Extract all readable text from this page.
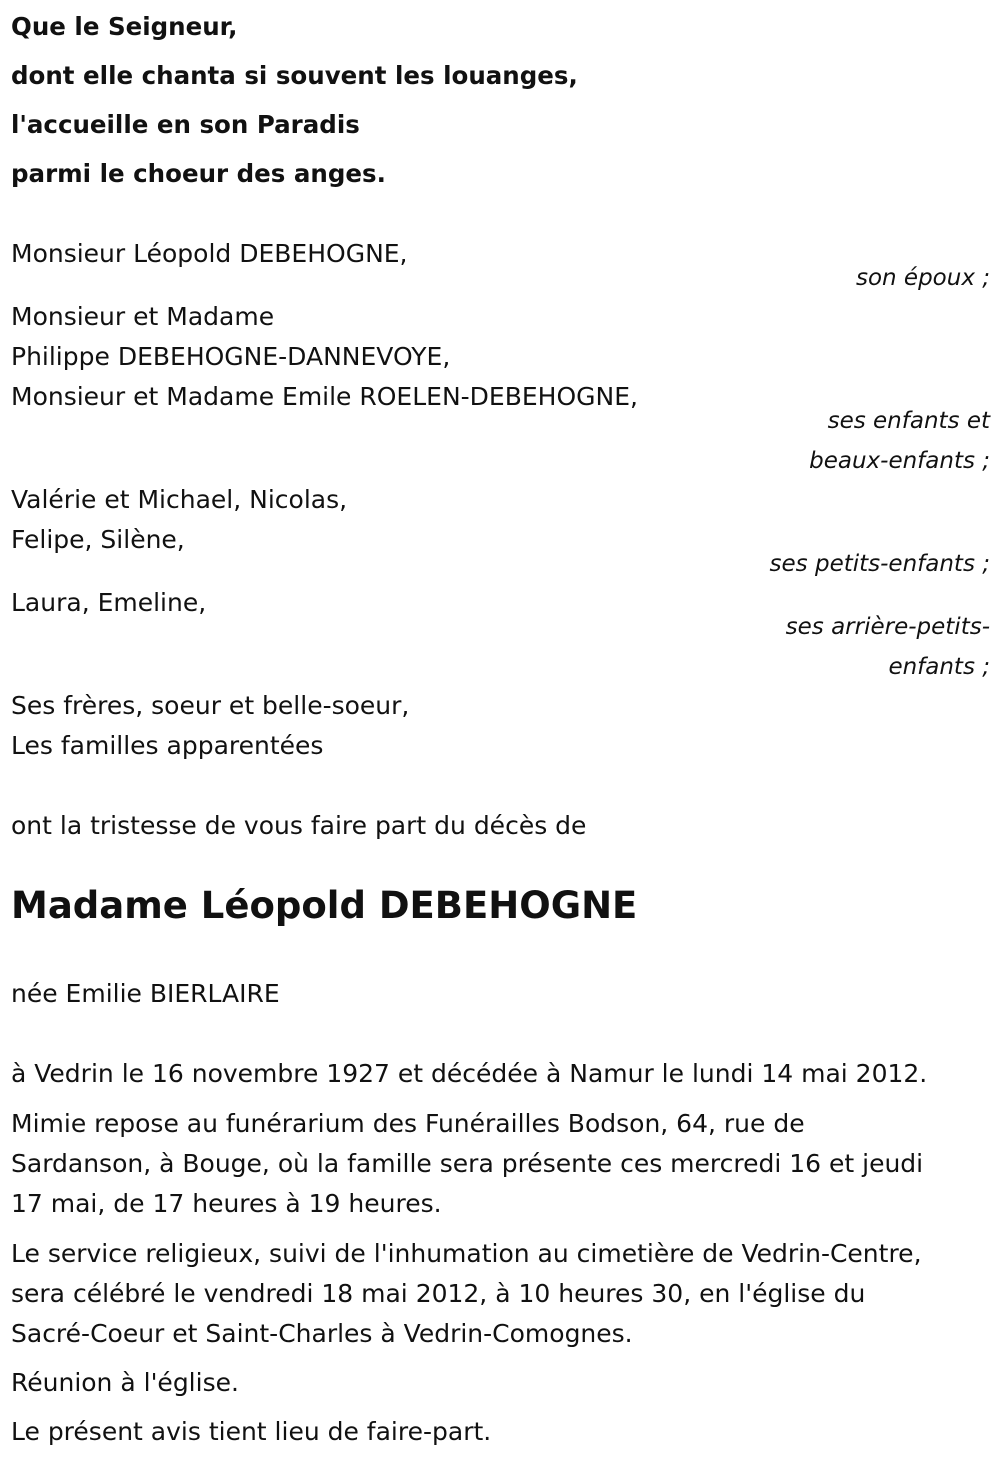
Que le Seigneur,
dont elle chanta si souvent les louanges,
l'accueille en son Paradis
parmi le choeur des anges.
Monsieur Léopold DEBEHOGNE,
son époux ;
Monsieur et Madame
Philippe DEBEHOGNE-DANNEVOYE,
Monsieur et Madame Emile ROELEN-DEBEHOGNE,
ses enfants et
beaux-enfants ;
Valérie et Michael, Nicolas,
Felipe, Silène,
ses petits-enfants ;
Laura, Emeline,
ses arrière-petits-
enfants ;
Ses frères, soeur et belle-soeur,
Les familles apparentées
ont la tristesse de vous faire part du décès de
Madame Léopold DEBEHOGNE
née Emilie BIERLAIRE
à Vedrin le 16 novembre 1927 et décédée à Namur le lundi 14 mai 2012.
Mimie repose au funérarium des Funérailles Bodson, 64, rue de
Sardanson, à Bouge, où la famille sera présente ces mercredi 16 et jeudi
17 mai, de 17 heures à 19 heures.
Le service religieux, suivi de l'inhumation au cimetière de Vedrin-Centre,
sera célébré le vendredi 18 mai 2012, à 10 heures 30, en l'église du
Sacré-Coeur et Saint-Charles à Vedrin-Comognes.
Réunion à l'église.
Le présent avis tient lieu de faire-part.
